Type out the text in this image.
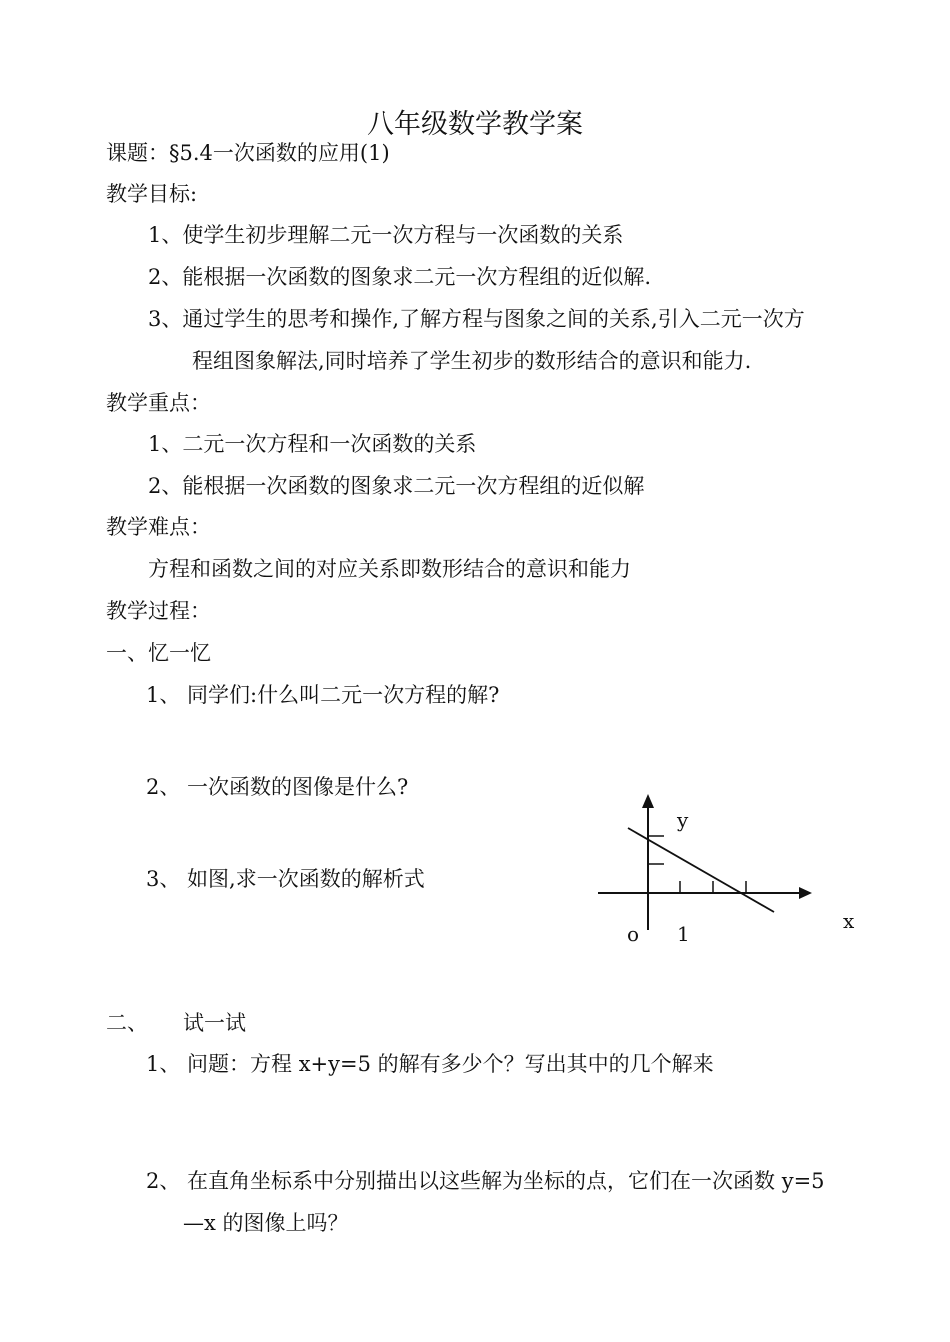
八年级数学教学案
课题：§5.4一次函数的应用(1)
教学目标:
1、使学生初步理解二元一次方程与一次函数的关系
2、能根据一次函数的图象求二元一次方程组的近似解.
3、通过学生的思考和操作,了解方程与图象之间的关系,引入二元一次方
程组图象解法,同时培养了学生初步的数形结合的意识和能力.
教学重点：
1、二元一次方程和一次函数的关系
2、能根据一次函数的图象求二元一次方程组的近似解
教学难点：
方程和函数之间的对应关系即数形结合的意识和能力
教学过程：
一、忆一忆
1、 同学们:什么叫二元一次方程的解?
2、 一次函数的图像是什么?
3、 如图,求一次函数的解析式
y
x
o 1
二、 试一试
1、 问题：方程 x+y=5 的解有多少个？写出其中的几个解来
2、 在直角坐标系中分别描出以这些解为坐标的点，它们在一次函数 y=5
—x 的图像上吗？
